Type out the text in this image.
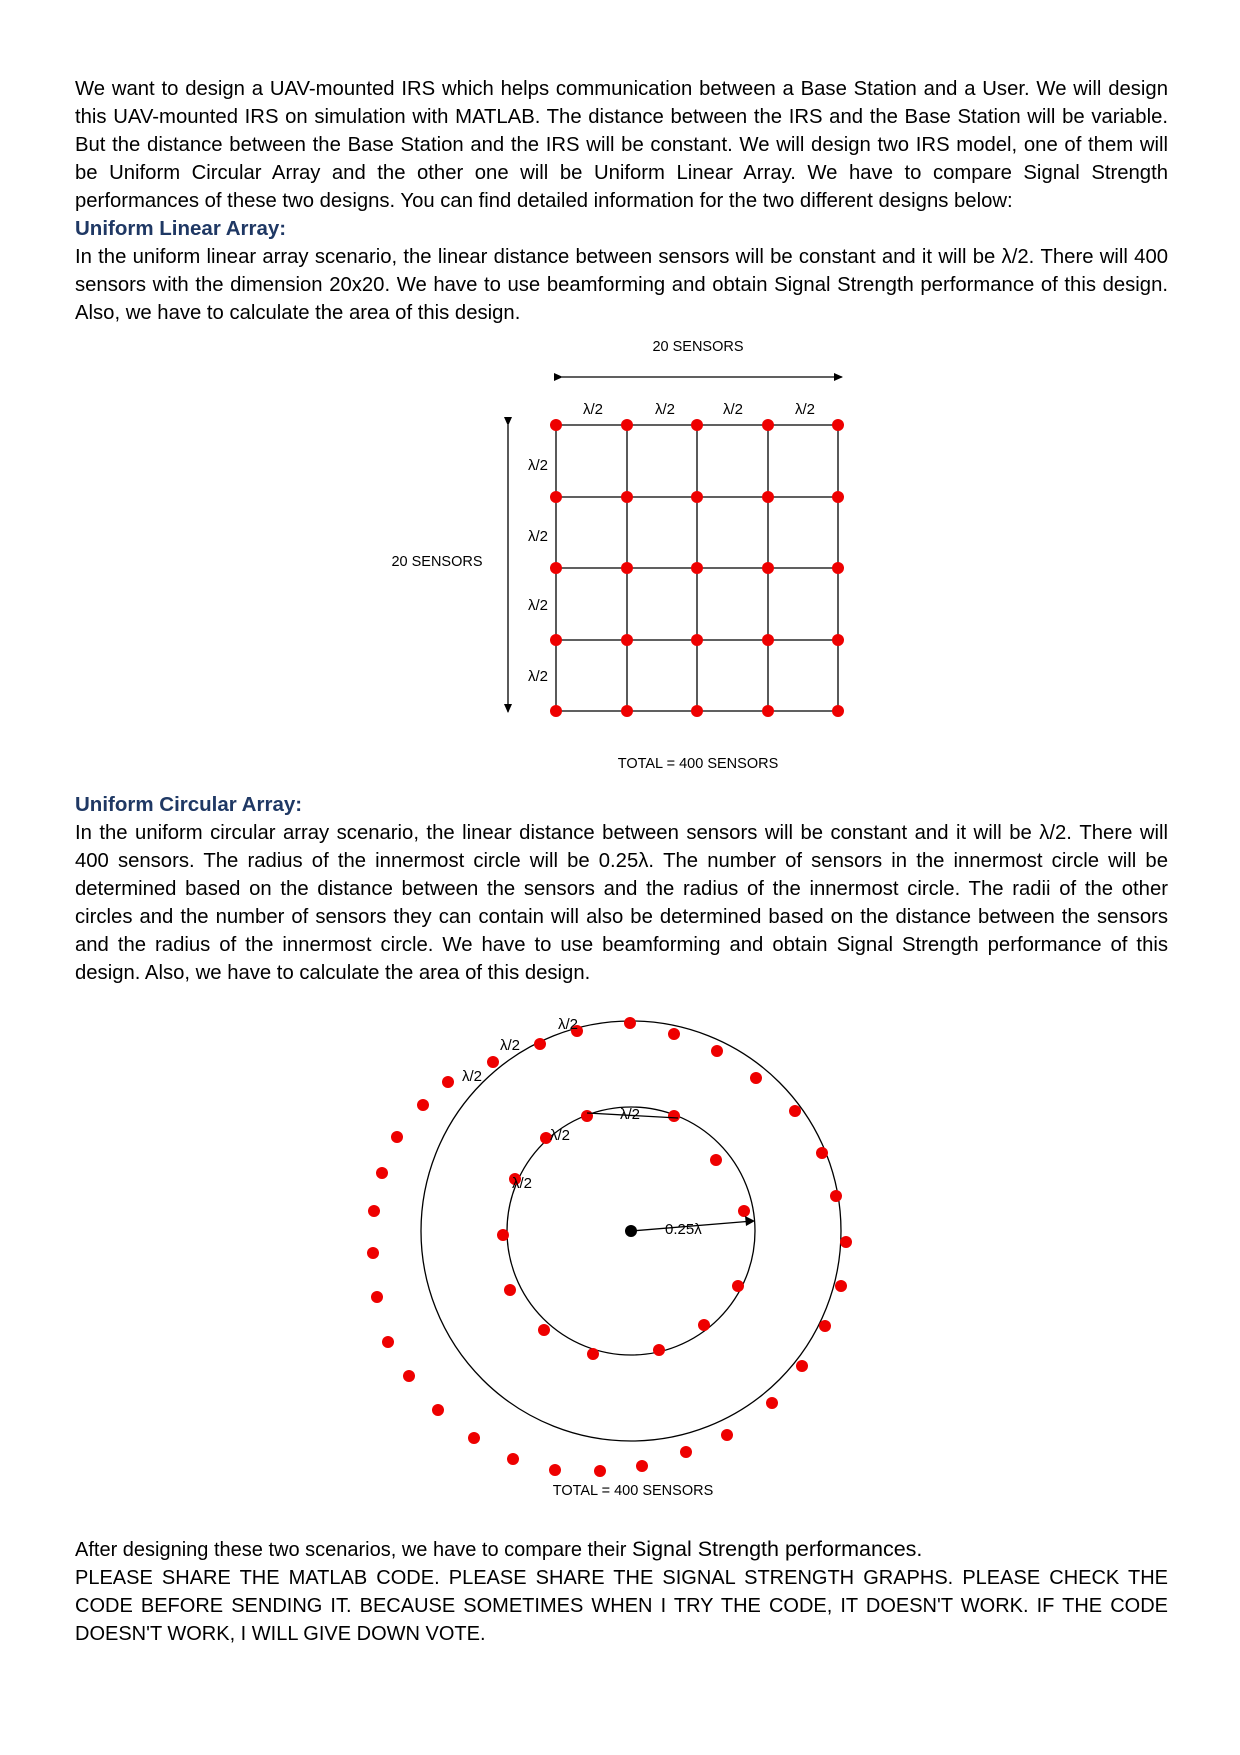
We want to design a UAV-mounted IRS which helps communication between a Base Station and a User. We will design this UAV-mounted IRS on simulation with MATLAB. The distance between the IRS and the Base Station will be variable. But the distance between the Base Station and the IRS will be constant. We will design two IRS model, one of them will be Uniform Circular Array and the other one will be Uniform Linear Array. We have to compare Signal Strength performances of these two designs. You can find detailed information for the two different designs below:

Uniform Linear Array:

In the uniform linear array scenario, the linear distance between sensors will be constant and it will be λ/2. There will 400 sensors with the dimension 20x20. We have to use beamforming and obtain Signal Strength performance of this design. Also, we have to calculate the area of this design.

20 SENSORS
20 SENSORS
λ/2	λ/2	λ/2	λ/2
λ/2
λ/2
λ/2
λ/2
TOTAL = 400 SENSORS

Uniform Circular Array:

In the uniform circular array scenario, the linear distance between sensors will be constant and it will be λ/2. There will 400 sensors. The radius of the innermost circle will be 0.25λ. The number of sensors in the innermost circle will be determined based on the distance between the sensors and the radius of the innermost circle. The radii of the other circles and the number of sensors they can contain will also be determined based on the distance between the sensors and the radius of the innermost circle. We have to use beamforming and obtain Signal Strength performance of this design. Also, we have to calculate the area of this design.

0.25λ
λ/2
λ/2
λ/2
λ/2
λ/2
λ/2
TOTAL = 400 SENSORS

After designing these two scenarios, we have to compare their Signal Strength performances.
PLEASE SHARE THE MATLAB CODE. PLEASE SHARE THE SIGNAL STRENGTH GRAPHS. PLEASE CHECK THE CODE BEFORE SENDING IT. BECAUSE SOMETIMES WHEN I TRY THE CODE, IT DOESN'T WORK. IF THE CODE DOESN'T WORK, I WILL GIVE DOWN VOTE.
